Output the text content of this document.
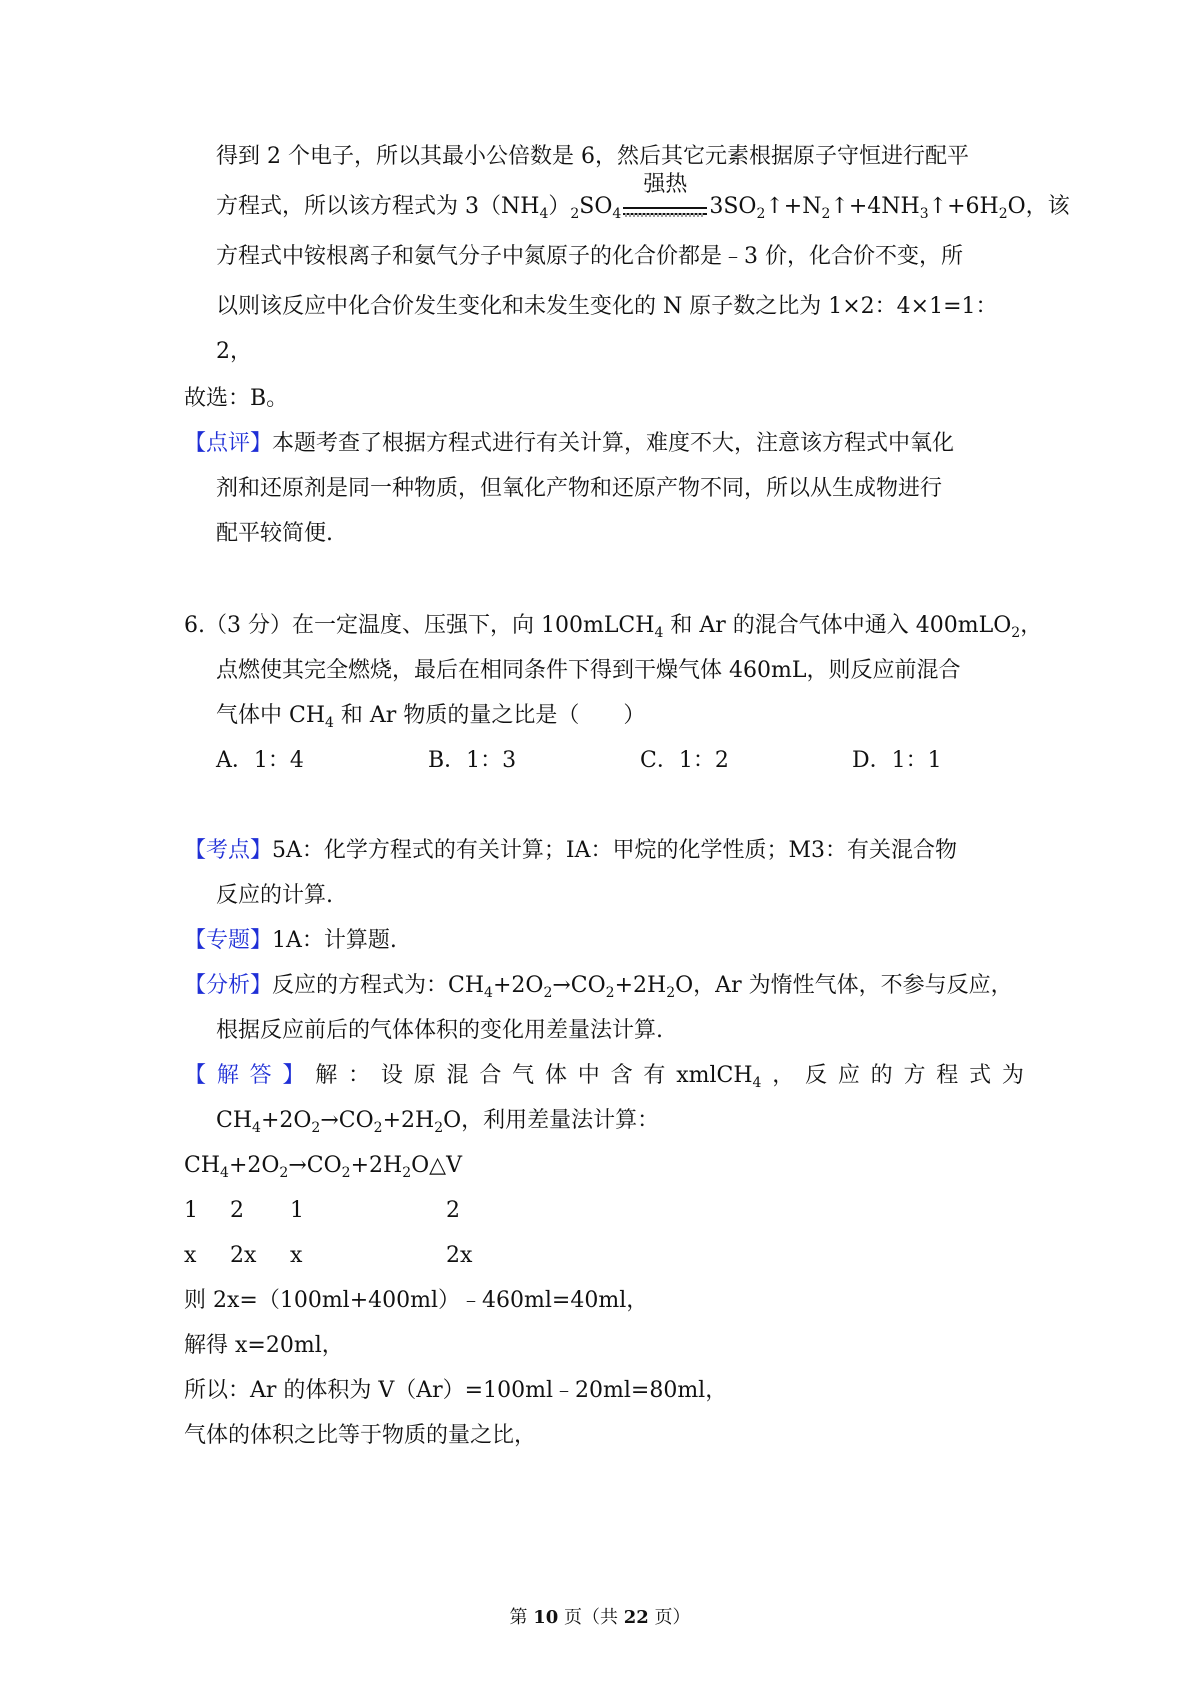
得到 2 个电子，所以其最小公倍数是 6，然后其它元素根据原子守恒进行配平
方程式，所以该方程式为 $3(NH_4)_2SO_4$
强热
$3SO_2↑+N_2↑+4NH_3↑+6H_2O$，该
方程式中铵根离子和氨气分子中氮原子的化合价都是﹣3 价，化合价不变，所
以则该反应中化合价发生变化和未发生变化的 N 原子数之比为 1×2：4×1=1：
2，
故选：B。
【点评】本题考查了根据方程式进行有关计算，难度不大，注意该方程式中氧化
剂和还原剂是同一种物质，但氧化产物和还原产物不同，所以从生成物进行
配平较简便.
6.（3 分）在一定温度、压强下，向 100mLCH$_4$ 和 Ar 的混合气体中通入 400mLO$_2$，
点燃使其完全燃烧，最后在相同条件下得到干燥气体 460mL，则反应前混合
气体中 $CH_4$ 和 Ar 物质的量之比是（　　）
A．1：4	B．1：3	C．1：2	D．1：1
【考点】5A：化学方程式的有关计算；IA：甲烷的化学性质；M3：有关混合物
反应的计算.
【专题】1A：计算题.
【分析】反应的方程式为：$CH_4+2O_2\to CO_2+2H_2O$，Ar 为惰性气体，不参与反应，
根据反应前后的气体体积的变化用差量法计算.
【 解 答 】 解 ： 设 原 混 合 气 体 中 含 有 xmlCH$_4$ ， 反 应 的 方 程 式 为
$CH_4+2O_2\to CO_2+2H_2O$，利用差量法计算：
$CH_4+2O_2\to CO_2+2H_2O\triangle V$
1 2 1	2
x 2x x	2x
则 2x=（100ml+400ml）﹣460ml=40ml，
解得 x=20ml，
所以：Ar 的体积为 V（Ar）=100ml﹣20ml=80ml，
气体的体积之比等于物质的量之比，
第 10 页（共 22 页）
